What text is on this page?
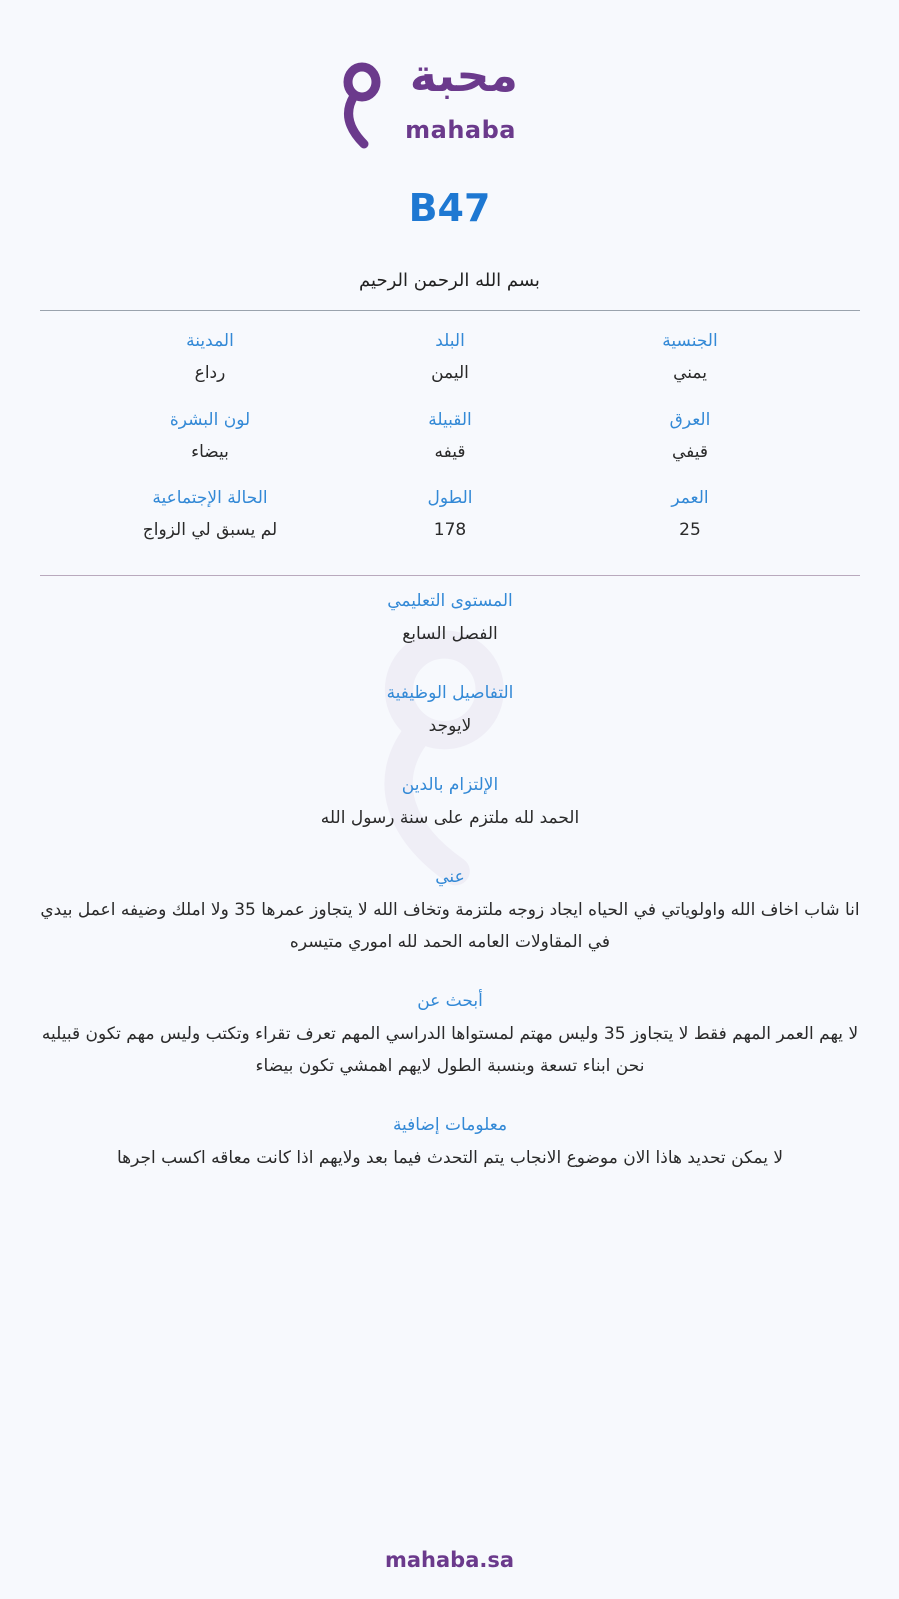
محبة
mahaba
B47
بسم الله الرحمن الرحيم
الجنسية
يمني
البلد
اليمن
المدينة
رداع
العرق
قيفي
القبيلة
قيفه
لون البشرة
بيضاء
العمر
25
الطول
178
الحالة الإجتماعية
لم يسبق لي الزواج
المستوى التعليمي
الفصل السابع
التفاصيل الوظيفية
لايوجد
الإلتزام بالدين
الحمد لله ملتزم على سنة رسول الله
عني
انا شاب اخاف الله واولوياتي في الحياه ايجاد زوجه ملتزمة وتخاف الله لا يتجاوز عمرها 35 ولا املك وضيفه اعمل بيدي في المقاولات العامه الحمد لله اموري متيسره
أبحث عن
لا يهم العمر المهم فقط لا يتجاوز 35 وليس مهتم لمستواها الدراسي المهم تعرف تقراء وتكتب وليس مهم تكون قبيليه نحن ابناء تسعة وبنسبة الطول لايهم اهمشي تكون بيضاء
معلومات إضافية
لا يمكن تحديد هاذا الان موضوع الانجاب يتم التحدث فيما بعد ولايهم اذا كانت معاقه اكسب اجرها
mahaba.sa
